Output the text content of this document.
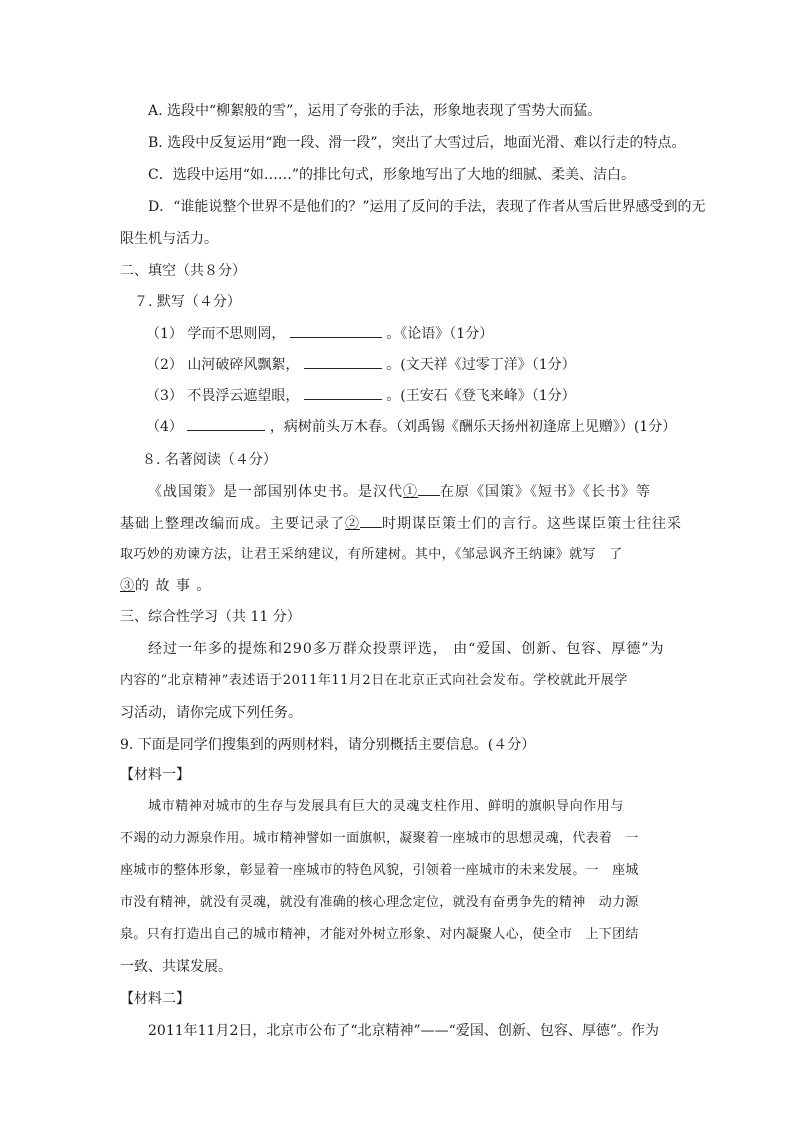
A. 选段中“柳絮般的雪”，运用了夸张的手法，形象地表现了雪势大而猛。
B. 选段中反复运用“跑一段、滑一段”，突出了大雪过后，地面光滑、难以行走的特点。
C．选段中运用“如……”的排比句式，形象地写出了大地的细腻、柔美、洁白。
D．“谁能说整个世界不是他们的？”运用了反问的手法，表现了作者从雪后世界感受到的无
限生机与活力。
二、填空（共８分）
７. 默写（４分）
（1） 学而不思则罔，	。《论语》（1分）
（2） 山河破碎风飘絮，	。(文天祥《过零丁洋》（1分）
（3） 不畏浮云遮望眼，	。(王安石《登飞来峰》（1分）
（4）	，病树前头万木春。（刘禹锡《酬乐天扬州初逢席上见赠》）(1分）
８. 名著阅读（４分）
《战国策》是一部国别体史书。是汉代① 在原《国策》《短书》《长书》等
基础上整理改编而成。主要记录了② 时期谋臣策士们的言行。这些谋臣策士往往采
取巧妙的劝谏方法，让君王采纳建议，有所建树。其中，《邹忌讽齐王纳谏》就写　了
③的 故 事 。
三、综合性学习（共 11 分）
经过一年多的提炼和290多万群众投票评选， 由“爱国、创新、包容、厚德”为
内容的“北京精神”表述语于2011年11月2日在北京正式向社会发布。学校就此开展学
习活动，请你完成下列任务。
9. 下面是同学们搜集到的两则材料，请分别概括主要信息。(４分）
【材料一】
城市精神对城市的生存与发展具有巨大的灵魂支柱作用、鲜明的旗帜导向作用与
不竭的动力源泉作用。城市精神譬如一面旗帜，凝聚着一座城市的思想灵魂，代表着　一
座城市的整体形象，彰显着一座城市的特色风貌，引领着一座城市的未来发展。一　座城
市没有精神，就没有灵魂，就没有准确的核心理念定位，就没有奋勇争先的精神　动力源
泉。只有打造出自己的城市精神，才能对外树立形象、对内凝聚人心，使全市　上下团结
一致、共谋发展。
【材料二】
2011年11月2日，北京市公布了“北京精神”——“爱国、创新、包容、厚德”。作为
